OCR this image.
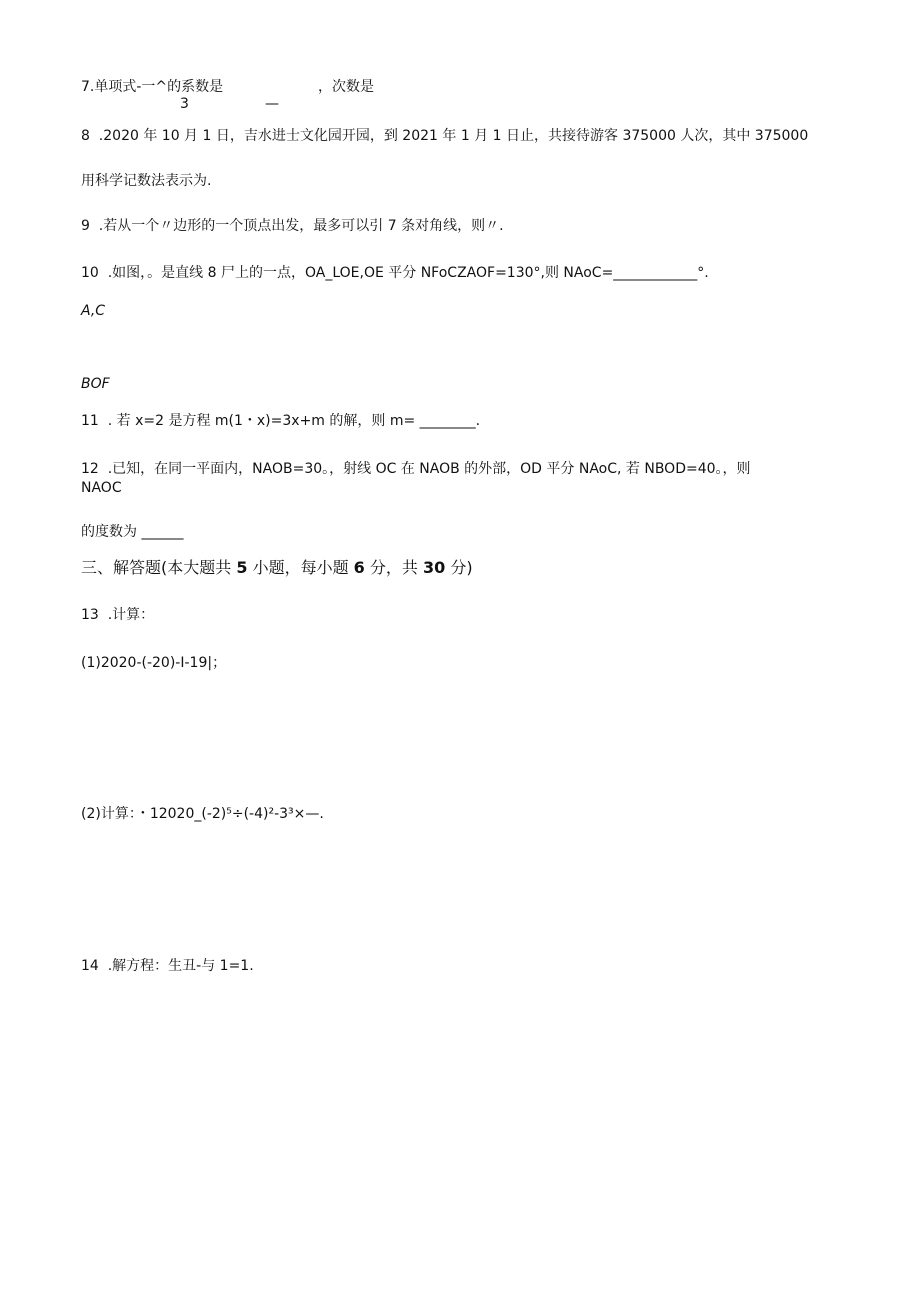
7.单项式-一^的系数是	，次数是
3	—
8  .2020 年 10 月 1 日，吉水进士文化园开园，到 2021 年 1 月 1 日止，共接待游客 375000 人次，其中 375000
用科学记数法表示为.
9  .若从一个〃边形的一个顶点出发，最多可以引 7 条对角线，则〃.
10  .如图，。是直线 8 尸上的一点，OA_LOE,OE 平分 NFoCZAOF=130°,则 NAoC=____________°.
A,C
BOF
11  . 若 x=2 是方程 m(1・x)=3x+m 的解，则 m= ________.
12  .已知，在同一平面内，NAOB=30。，射线 OC 在 NAOB 的外部，OD 平分 NAoC, 若 NBOD=40。，则
NAOC
的度数为 ______
三、解答题(本大题共 5 小题，每小题 6 分，共 30 分)
13  .计算：
(1)2020-(-20)-I-19|；
(2)计算：・12020_(-2)⁵÷(-4)²-3³×—.
14  .解方程：生丑-与 1=1.
